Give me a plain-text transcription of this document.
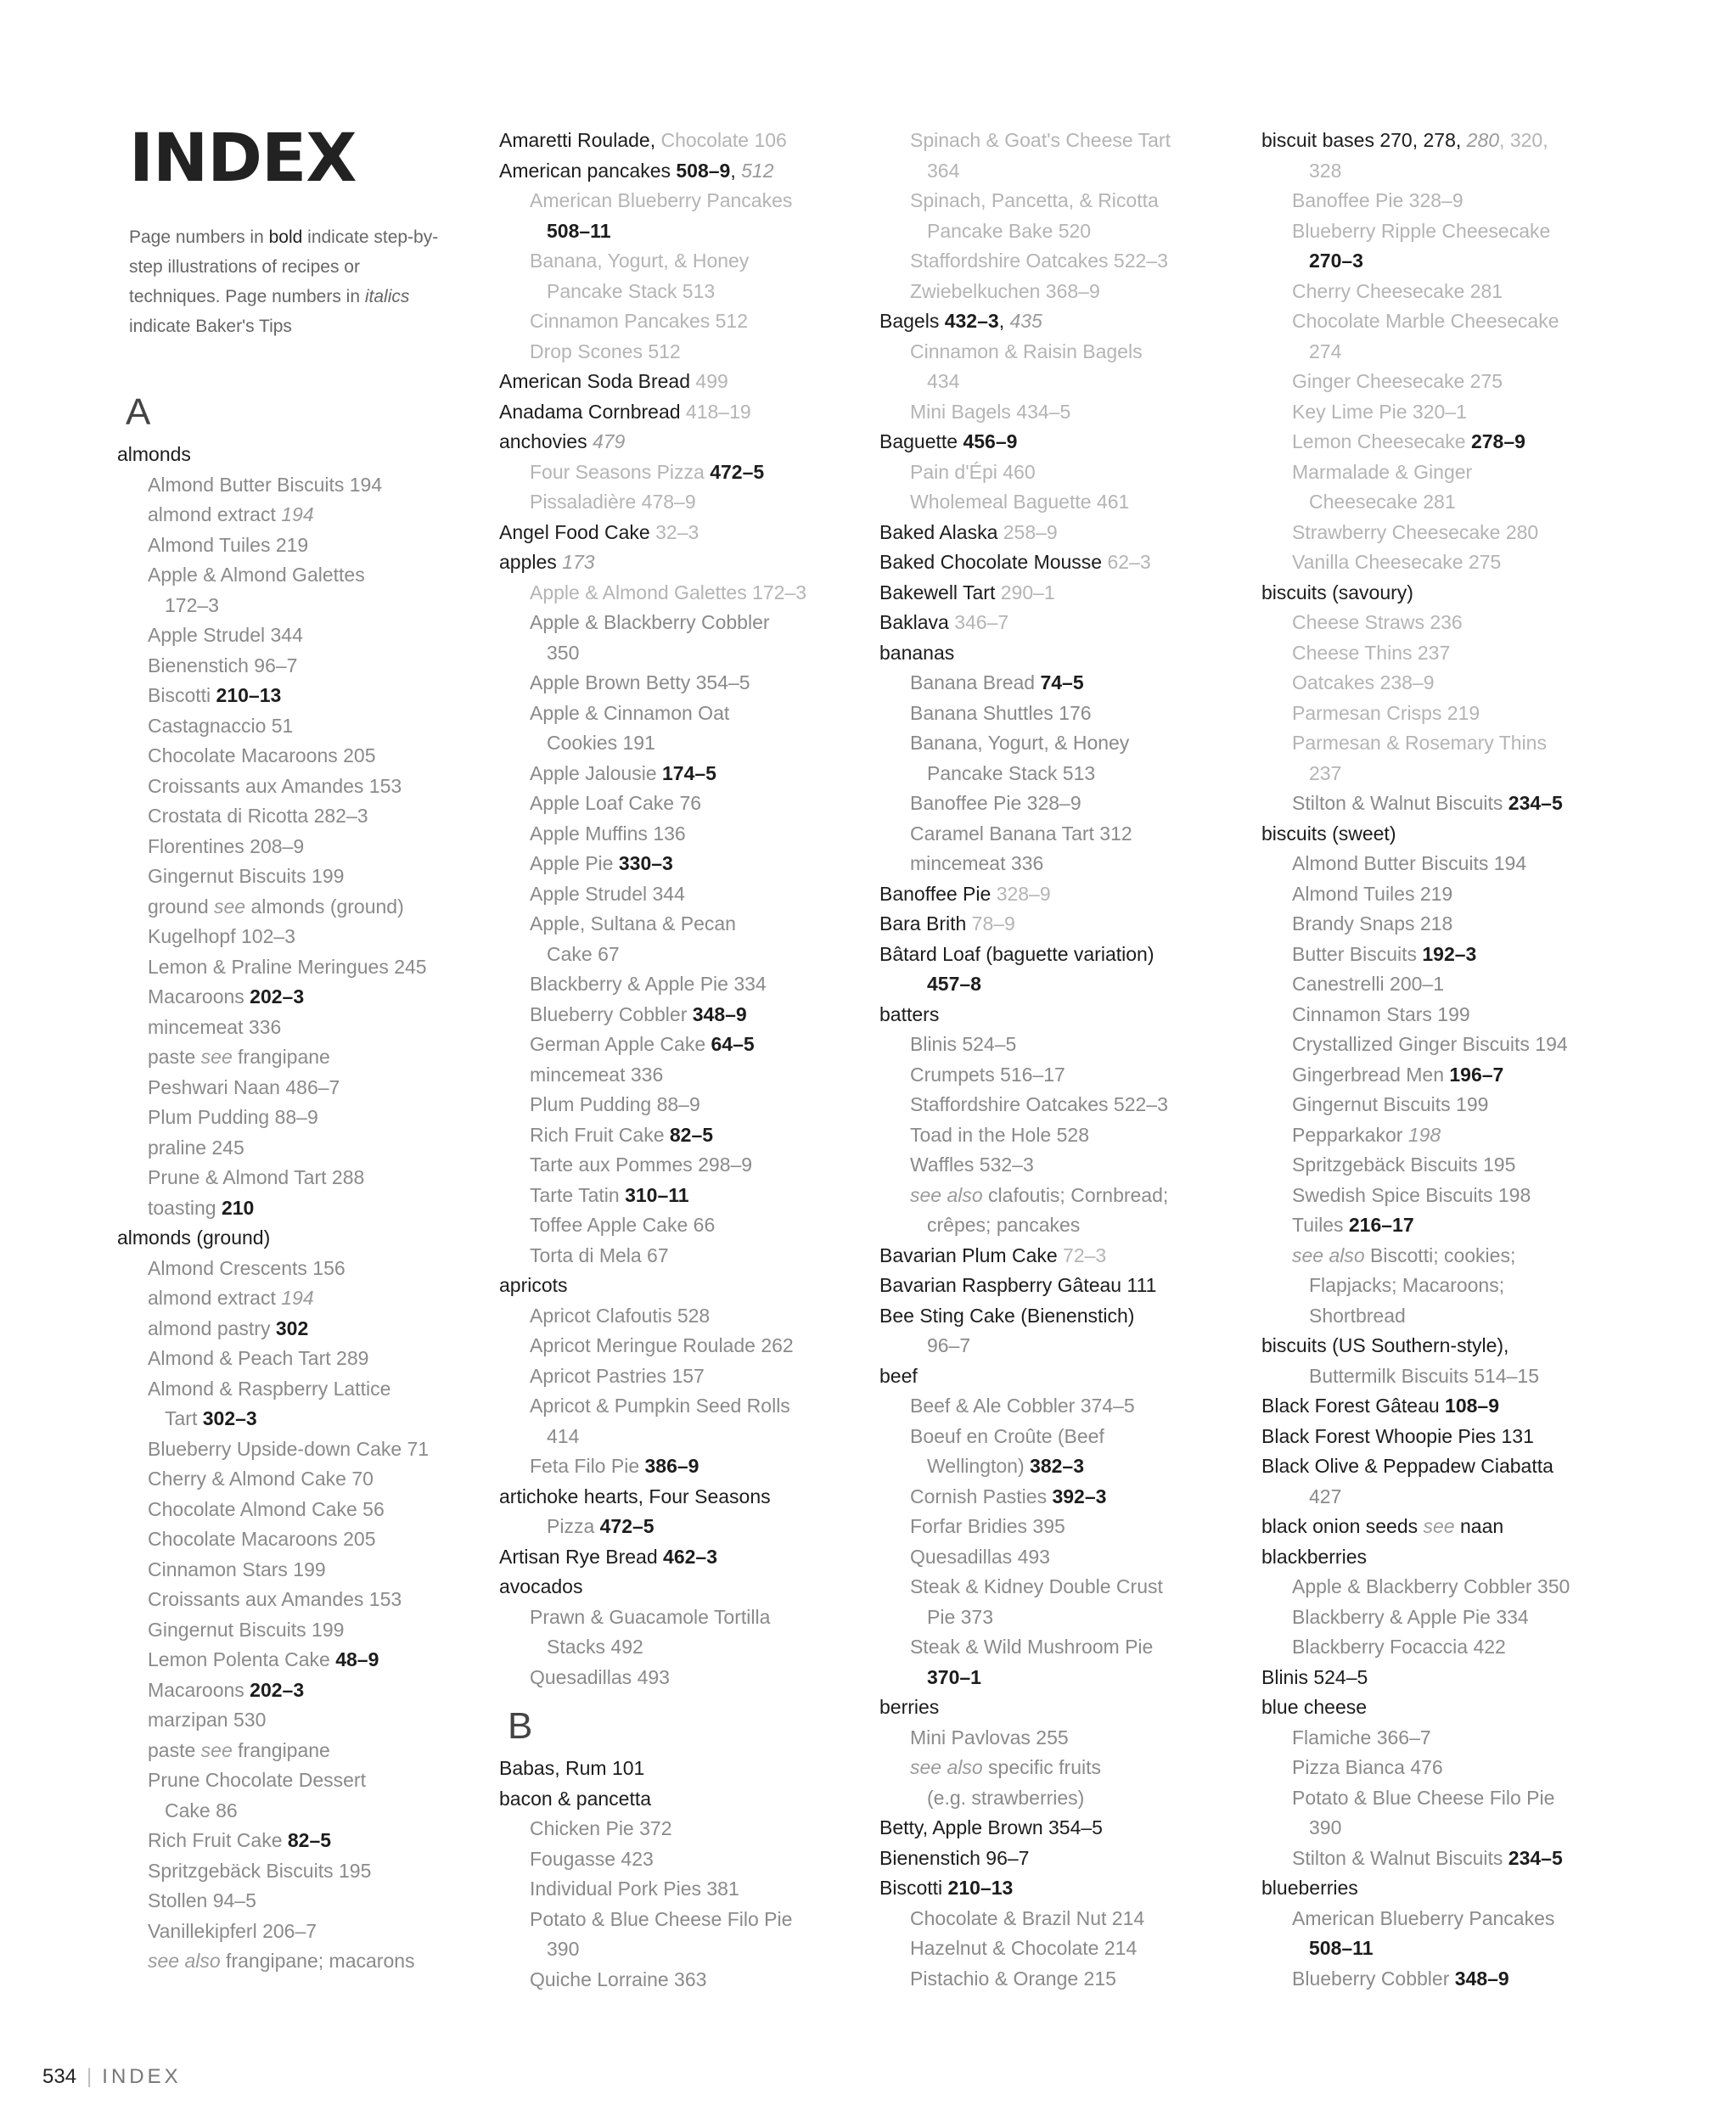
INDEX
Page numbers in bold indicate step-by-step illustrations of recipes or techniques. Page numbers in italics indicate Baker's Tips
A
almonds
Almond Butter Biscuits 194
almond extract 194
Almond Tuiles 219
Apple & Almond Galettes
172–3
Apple Strudel 344
Bienenstich 96–7
Biscotti 210–13
Castagnaccio 51
Chocolate Macaroons 205
Croissants aux Amandes 153
Crostata di Ricotta 282–3
Florentines 208–9
Gingernut Biscuits 199
ground see almonds (ground)
Kugelhopf 102–3
Lemon & Praline Meringues 245
Macaroons 202–3
mincemeat 336
paste see frangipane
Peshwari Naan 486–7
Plum Pudding 88–9
praline 245
Prune & Almond Tart 288
toasting 210
almonds (ground)
Almond Crescents 156
almond extract 194
almond pastry 302
Almond & Peach Tart 289
Almond & Raspberry Lattice
Tart 302–3
Blueberry Upside-down Cake 71
Cherry & Almond Cake 70
Chocolate Almond Cake 56
Chocolate Macaroons 205
Cinnamon Stars 199
Croissants aux Amandes 153
Gingernut Biscuits 199
Lemon Polenta Cake 48–9
Macaroons 202–3
marzipan 530
paste see frangipane
Prune Chocolate Dessert
Cake 86
Rich Fruit Cake 82–5
Spritzgebäck Biscuits 195
Stollen 94–5
Vanillekipferl 206–7
see also frangipane; macarons
Amaretti Roulade, Chocolate 106
American pancakes 508–9, 512
American Blueberry Pancakes
508–11
Banana, Yogurt, & Honey
Pancake Stack 513
Cinnamon Pancakes 512
Drop Scones 512
American Soda Bread 499
Anadama Cornbread 418–19
anchovies 479
Four Seasons Pizza 472–5
Pissaladière 478–9
Angel Food Cake 32–3
apples 173
Apple & Almond Galettes 172–3
Apple & Blackberry Cobbler
350
Apple Brown Betty 354–5
Apple & Cinnamon Oat
Cookies 191
Apple Jalousie 174–5
Apple Loaf Cake 76
Apple Muffins 136
Apple Pie 330–3
Apple Strudel 344
Apple, Sultana & Pecan
Cake 67
Blackberry & Apple Pie 334
Blueberry Cobbler 348–9
German Apple Cake 64–5
mincemeat 336
Plum Pudding 88–9
Rich Fruit Cake 82–5
Tarte aux Pommes 298–9
Tarte Tatin 310–11
Toffee Apple Cake 66
Torta di Mela 67
apricots
Apricot Clafoutis 528
Apricot Meringue Roulade 262
Apricot Pastries 157
Apricot & Pumpkin Seed Rolls
414
Feta Filo Pie 386–9
artichoke hearts, Four Seasons
Pizza 472–5
Artisan Rye Bread 462–3
avocados
Prawn & Guacamole Tortilla
Stacks 492
Quesadillas 493
B
Babas, Rum 101
bacon & pancetta
Chicken Pie 372
Fougasse 423
Individual Pork Pies 381
Potato & Blue Cheese Filo Pie
390
Quiche Lorraine 363
Spinach & Goat's Cheese Tart
364
Spinach, Pancetta, & Ricotta
Pancake Bake 520
Staffordshire Oatcakes 522–3
Zwiebelkuchen 368–9
Bagels 432–3, 435
Cinnamon & Raisin Bagels
434
Mini Bagels 434–5
Baguette 456–9
Pain d'Épi 460
Wholemeal Baguette 461
Baked Alaska 258–9
Baked Chocolate Mousse 62–3
Bakewell Tart 290–1
Baklava 346–7
bananas
Banana Bread 74–5
Banana Shuttles 176
Banana, Yogurt, & Honey
Pancake Stack 513
Banoffee Pie 328–9
Caramel Banana Tart 312
mincemeat 336
Banoffee Pie 328–9
Bara Brith 78–9
Bâtard Loaf (baguette variation)
457–8
batters
Blinis 524–5
Crumpets 516–17
Staffordshire Oatcakes 522–3
Toad in the Hole 528
Waffles 532–3
see also clafoutis; Cornbread;
crêpes; pancakes
Bavarian Plum Cake 72–3
Bavarian Raspberry Gâteau 111
Bee Sting Cake (Bienenstich)
96–7
beef
Beef & Ale Cobbler 374–5
Boeuf en Croûte (Beef
Wellington) 382–3
Cornish Pasties 392–3
Forfar Bridies 395
Quesadillas 493
Steak & Kidney Double Crust
Pie 373
Steak & Wild Mushroom Pie
370–1
berries
Mini Pavlovas 255
see also specific fruits
(e.g. strawberries)
Betty, Apple Brown 354–5
Bienenstich 96–7
Biscotti 210–13
Chocolate & Brazil Nut 214
Hazelnut & Chocolate 214
Pistachio & Orange 215
biscuit bases 270, 278, 280, 320,
328
Banoffee Pie 328–9
Blueberry Ripple Cheesecake
270–3
Cherry Cheesecake 281
Chocolate Marble Cheesecake
274
Ginger Cheesecake 275
Key Lime Pie 320–1
Lemon Cheesecake 278–9
Marmalade & Ginger
Cheesecake 281
Strawberry Cheesecake 280
Vanilla Cheesecake 275
biscuits (savoury)
Cheese Straws 236
Cheese Thins 237
Oatcakes 238–9
Parmesan Crisps 219
Parmesan & Rosemary Thins
237
Stilton & Walnut Biscuits 234–5
biscuits (sweet)
Almond Butter Biscuits 194
Almond Tuiles 219
Brandy Snaps 218
Butter Biscuits 192–3
Canestrelli 200–1
Cinnamon Stars 199
Crystallized Ginger Biscuits 194
Gingerbread Men 196–7
Gingernut Biscuits 199
Pepparkakor 198
Spritzgebäck Biscuits 195
Swedish Spice Biscuits 198
Tuiles 216–17
see also Biscotti; cookies;
Flapjacks; Macaroons;
Shortbread
biscuits (US Southern-style),
Buttermilk Biscuits 514–15
Black Forest Gâteau 108–9
Black Forest Whoopie Pies 131
Black Olive & Peppadew Ciabatta
427
black onion seeds see naan
blackberries
Apple & Blackberry Cobbler 350
Blackberry & Apple Pie 334
Blackberry Focaccia 422
Blinis 524–5
blue cheese
Flamiche 366–7
Pizza Bianca 476
Potato & Blue Cheese Filo Pie
390
Stilton & Walnut Biscuits 234–5
blueberries
American Blueberry Pancakes
508–11
Blueberry Cobbler 348–9
534 | INDEX
